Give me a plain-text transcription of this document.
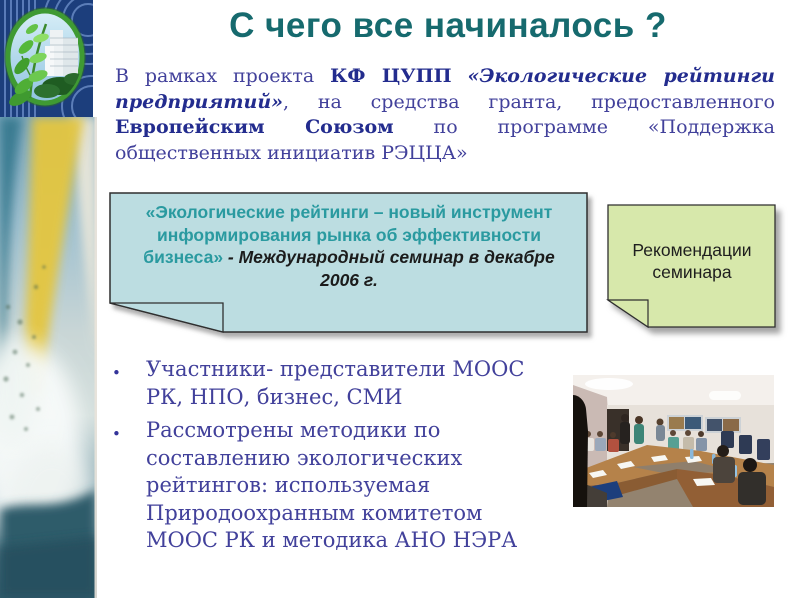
С чего все начиналось ?

В рамках проекта КФ ЦУПП «Экологические рейтинги предприятий», на средства гранта, предоставленного Европейским Союзом по программе «Поддержка общественных инициатив РЭЦЦА»

«Экологические рейтинги – новый инструмент информирования рынка об эффективности бизнеса» - Международный семинар в декабре 2006 г.
Рекомендации семинара
•	Участники- представители МООС РК, НПО, бизнес, СМИ
•	Рассмотрены методики по составлению экологических рейтингов: используемая Природоохранным комитетом МООС РК и методика АНО НЭРА
